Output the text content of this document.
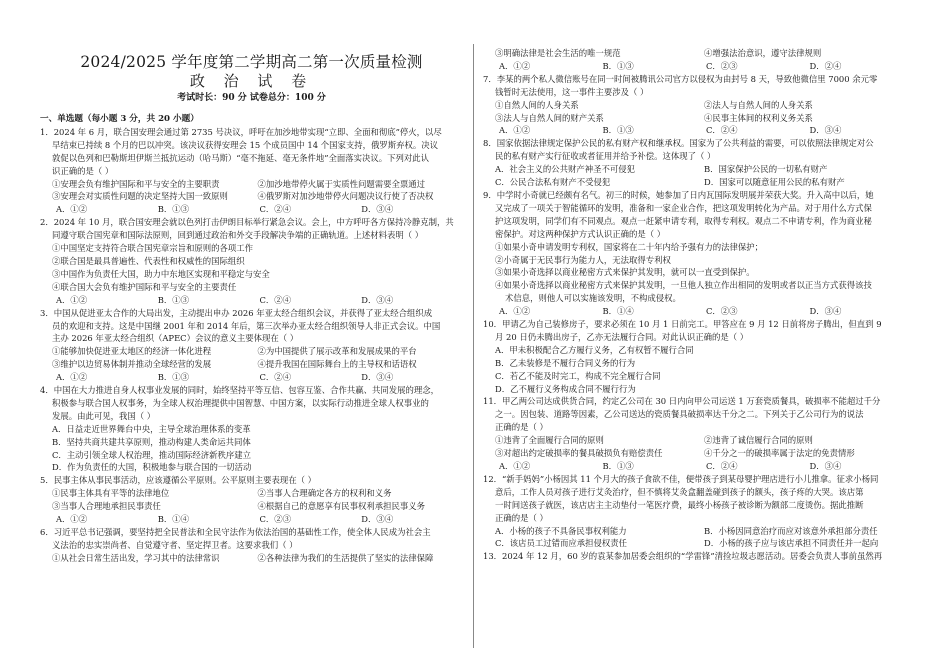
2024/2025 学年度第二学期高二第一次质量检测
政 治 试 卷
考试时长：90 分 试卷总分：100 分
一、单选题（每小题 3 分，共 20 小题）
1．2024 年 6 月，联合国安理会通过第 2735 号决议，呼吁在加沙地带实现“立即、全面和彻底”停火，以尽
早结束已持续 8 个月的巴以冲突。该决议获得安理会 15 个成员国中 14 个国家支持，俄罗斯弃权。决议
敦促以色列和巴勒斯坦伊斯兰抵抗运动（哈马斯）“毫不拖延、毫无条件地”全面落实决议。下列对此认
识正确的是（ ）
①安理会负有维护国际和平与安全的主要职责	②加沙地带停火属于实质性问题需要全票通过
③安理会对实质性问题的决定坚持大国一致原则	④俄罗斯对加沙地带停火问题决议行使了否决权
A．①②	B．①③	C．②④	D．③④
2．2024 年 10 月，联合国安理会就以色列打击伊朗目标举行紧急会议。会上，中方呼吁各方保持冷静克制，共
同遵守联合国宪章和国际法原则，回到通过政治和外交手段解决争端的正确轨道。上述材料表明（ ）
①中国坚定支持符合联合国宪章宗旨和原则的各项工作
②联合国是最具普遍性、代表性和权威性的国际组织
③中国作为负责任大国，助力中东地区实现和平稳定与安全
④联合国大会负有维护国际和平与安全的主要责任
A．①②	B．①③	C．②④	D．③④
3．中国从促进亚太合作的大局出发，主动提出申办 2026 年亚太经合组织会议，并获得了亚太经合组织成
员的欢迎和支持。这是中国继 2001 年和 2014 年后，第三次举办亚太经合组织领导人非正式会议。中国
主办 2026 年亚太经合组织（APEC）会议的意义主要体现在（ ）
①能够加快促进亚太地区的经济一体化进程	②为中国提供了展示改革和发展成果的平台
③维护以边贸易体制并推动全球经营的发展	④提升我国在国际舞台上的主导权和话语权
A．①②	B．①③	C．②④	D．③④
4．中国在大力推进自身人权事业发展的同时，始终坚持平等互信、包容互鉴、合作共赢、共同发展的理念，
积极参与联合国人权事务，为全球人权治理提供中国智慧、中国方案，以实际行动推进全球人权事业的
发展。由此可见，我国（ ）
A．日益走近世界舞台中央，主导全球治理体系的变革
B．坚持共商共建共享原则，推动构建人类命运共同体
C．主动引领全球人权治理，推动国际经济新秩序建立
D．作为负责任的大国，积极地参与联合国的一切活动
5．民事主体从事民事活动，应该遵循公平原则。公平原则主要表现在（ ）
①民事主体具有平等的法律地位	②当事人合理确定各方的权利和义务
③当事人合理地承担民事责任	④根据自己的意愿享有民事权利承担民事义务
A．①②	B．①④	C．②③	D．③④
6．习近平总书记强调，要坚持把全民普法和全民守法作为依法治国的基础性工作，使全体人民成为社会主
义法治的忠实崇尚者、自觉遵守者、坚定捍卫者。这要求我们（ ）
①从社会日常生活出发，学习其中的法律常识	②各种法律为我们的生活提供了坚实的法律保障
③明确法律是社会生活的唯一规范	④增强法治意识，遵守法律规则
A．①②	B．①③	C．②③	D．②④
7．李某的两个私人微信账号在同一时间被腾讯公司官方以侵权为由封号 8 天，导致他微信里 7000 余元零
钱暂时无法使用，这一事件主要涉及（ ）
①自然人间的人身关系	②法人与自然人间的人身关系
③法人与自然人间的财产关系	④民事主体间的权利义务关系
A．①②	B．①③	C．②④	D．③④
8．国家依据法律规定保护公民的私有财产权和继承权。国家为了公共利益的需要，可以依照法律规定对公
民的私有财产实行征收或者征用并给予补偿。这体现了（ ）
A．社会主义的公共财产神圣不可侵犯	B．国家保护公民的一切私有财产
C．公民合法私有财产不受侵犯	D．国家可以随意征用公民的私有财产
9．中学时小奇就已经颇有名气。初三的时候，她参加了日内瓦国际发明展并荣获大奖。升入高中以后，她
又完成了一项关于智能循环的发明，准备和一家企业合作，把这项发明转化为产品。对于用什么方式保
护这项发明，同学们有不同观点。观点一赶紧申请专利，取得专利权。观点二不申请专利，作为商业秘
密保护。对这两种保护方式认识正确的是（ ）
①如果小奇申请发明专利权，国家将在二十年内给予强有力的法律保护；
②小奇属于无民事行为能力人，无法取得专利权
③如果小奇选择以商业秘密方式来保护其发明，就可以一直受到保护。
④如果小奇选择以商业秘密方式来保护其发明，一旦他人独立作出相同的发明或者以正当方式获得该技
术信息，则他人可以实施该发明，不构成侵权。
A．①②	B．①④	C．②③	D．③④
10．甲请乙为自己装修房子，要求必须在 10 月 1 日前完工。甲答应在 9 月 12 日前将房子腾出，但直到 9
月 20 日仍未腾出房子，乙亦无法履行合同。对此认识正确的是（ ）
A．甲未积极配合乙方履行义务，乙有权暂不履行合同
B．乙未装修是不履行合同义务的行为
C．若乙不能及时完工，构成不完全履行合同
D．乙不履行义务构成合同不履行行为
11．甲乙两公司达成供货合同，约定乙公司在 30 日内向甲公司运送 1 万套瓷质餐具，破损率不能超过千分
之一。因包装、道路等因素，乙公司送达的瓷质餐具破损率达千分之二。下列关于乙公司行为的说法
正确的是（ ）
①违背了全面履行合同的原则	②违背了诚信履行合同的原则
③对超出约定破损率的餐具破损负有赔偿责任	④千分之一的破损率属于法定的免责情形
A．①②	B．①③	C．②④	D．③④
12．“新手妈妈”小杨因其 11 个月大的孩子食欲不佳，便带孩子到某母婴护理店进行小儿推拿。征求小杨同
意后，工作人员对孩子进行艾灸治疗，但不慎将艾灸盒翻盖碰到孩子的额头，孩子疼的大哭。该店第
一时间送孩子就医，该店店主主动垫付一笔医疗费，最终小杨孩子被诊断为额部二度烫伤。据此推断
正确的是（ ）
A．小杨的孩子不具备民事权利能力	B．小杨因同意治疗而应对该意外承担部分责任
C．该店员工过错而应承担侵权责任	D．小杨的孩子应与该店承担不同责任并一起向
13．2024 年 12 月，60 岁的袁某参加居委会组织的“学雷锋”清捡垃圾志愿活动。居委会负责人事前虽然再
